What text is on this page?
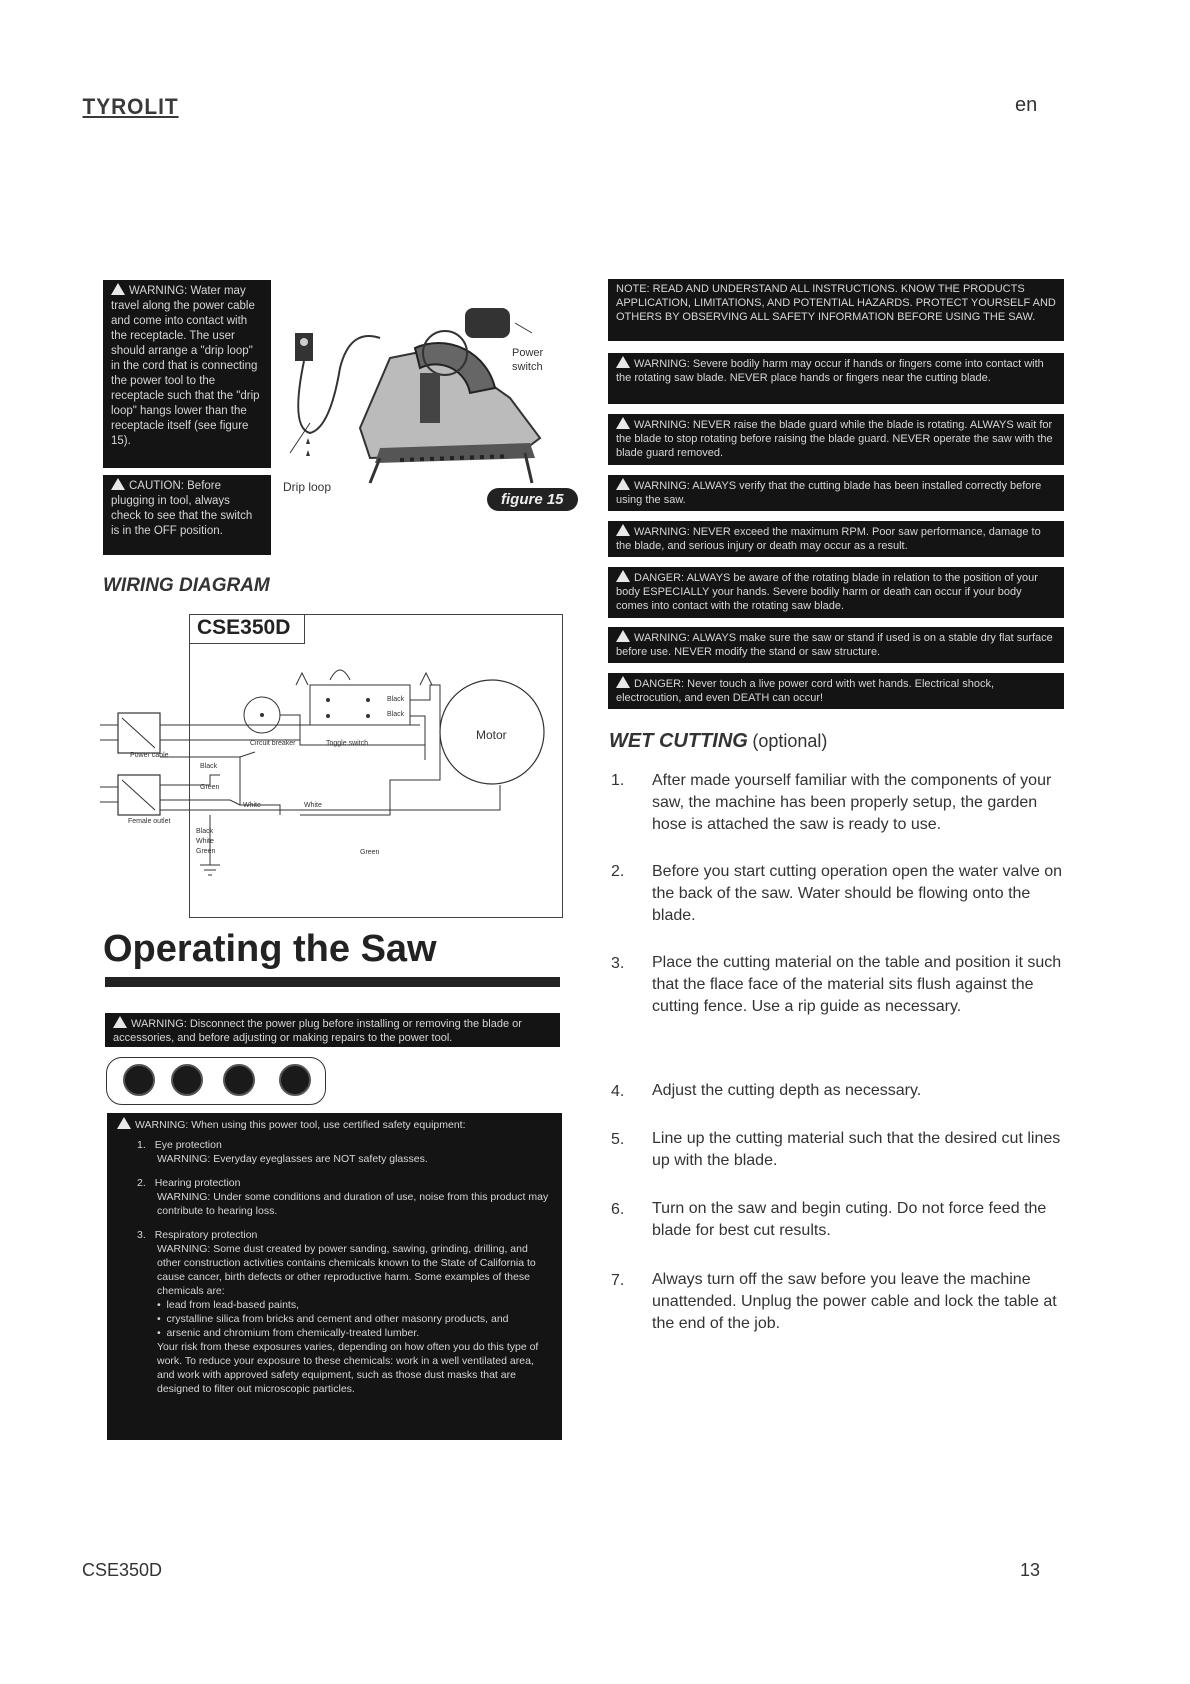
TYROLIT	en
WARNING: Water may travel along the power cable and come into contact with the receptacle. The user should arrange a "drip loop" in the cord that is connecting the power tool to the receptacle such that the "drip loop" hangs lower than the receptacle itself (see figure 15).
CAUTION: Before plugging in tool, always check to see that the switch is in the OFF position.
Power
switch
Drip loop
figure 15
WIRING DIAGRAM
CSE350D
Motor
Circuit breaker	Toggle switch
Power cable
Female outlet
Black
Green
White	White
Black
Black
Black
White
Green	Green
Operating the Saw
WARNING: Disconnect the power plug before installing or removing the blade or accessories, and before adjusting or making repairs to the power tool.
WARNING: When using this power tool, use certified safety equipment:
1. Eye protection
WARNING: Everyday eyeglasses are NOT safety glasses.
2. Hearing protection
WARNING: Under some conditions and duration of use, noise from this product may contribute to hearing loss.
3. Respiratory protection
WARNING: Some dust created by power sanding, sawing, grinding, drilling, and other construction activities contains chemicals known to the State of California to cause cancer, birth defects or other reproductive harm. Some examples of these chemicals are:
•  lead from lead-based paints,
•  crystalline silica from bricks and cement and other masonry products, and
•  arsenic and chromium from chemically-treated lumber.
Your risk from these exposures varies, depending on how often you do this type of work. To reduce your exposure to these chemicals: work in a well ventilated area, and work with approved safety equipment, such as those dust masks that are designed to filter out microscopic particles.
NOTE: READ AND UNDERSTAND ALL INSTRUCTIONS. KNOW THE PRODUCTS APPLICATION, LIMITATIONS, AND POTENTIAL HAZARDS. PROTECT YOURSELF AND OTHERS BY OBSERVING ALL SAFETY INFORMATION BEFORE USING THE SAW.
WARNING: Severe bodily harm may occur if hands or fingers come into contact with the rotating saw blade. NEVER place hands or fingers near the cutting blade.
WARNING: NEVER raise the blade guard while the blade is rotating. ALWAYS wait for the blade to stop rotating before raising the blade guard. NEVER operate the saw with the blade guard removed.
WARNING: ALWAYS verify that the cutting blade has been installed correctly before using the saw.
WARNING: NEVER exceed the maximum RPM. Poor saw performance, damage to the blade, and serious injury or death may occur as a result.
DANGER: ALWAYS be aware of the rotating blade in relation to the position of your body ESPECIALLY your hands. Severe bodily harm or death can occur if your body comes into contact with the rotating saw blade.
WARNING: ALWAYS make sure the saw or stand if used is on a stable dry flat surface before use. NEVER modify the stand or saw structure.
DANGER: Never touch a live power cord with wet hands. Electrical shock, electrocution, and even DEATH can occur!
WET CUTTING (optional)
1. After made yourself familiar with the components of your saw, the machine has been properly setup, the garden hose is attached the saw is ready to use.
2. Before you start cutting operation open the water valve on the back of the saw. Water should be flowing onto the blade.
3. Place the cutting material on the table and position it such that the flace face of the material sits flush against the cutting fence. Use a rip guide as necessary.
4. Adjust the cutting depth as necessary.
5. Line up the cutting material such that the desired cut lines up with the blade.
6. Turn on the saw and begin cuting. Do not force feed the blade for best cut results.
7. Always turn off the saw before you leave the machine unattended. Unplug the power cable and lock the table at the end of the job.
CSE350D	13
